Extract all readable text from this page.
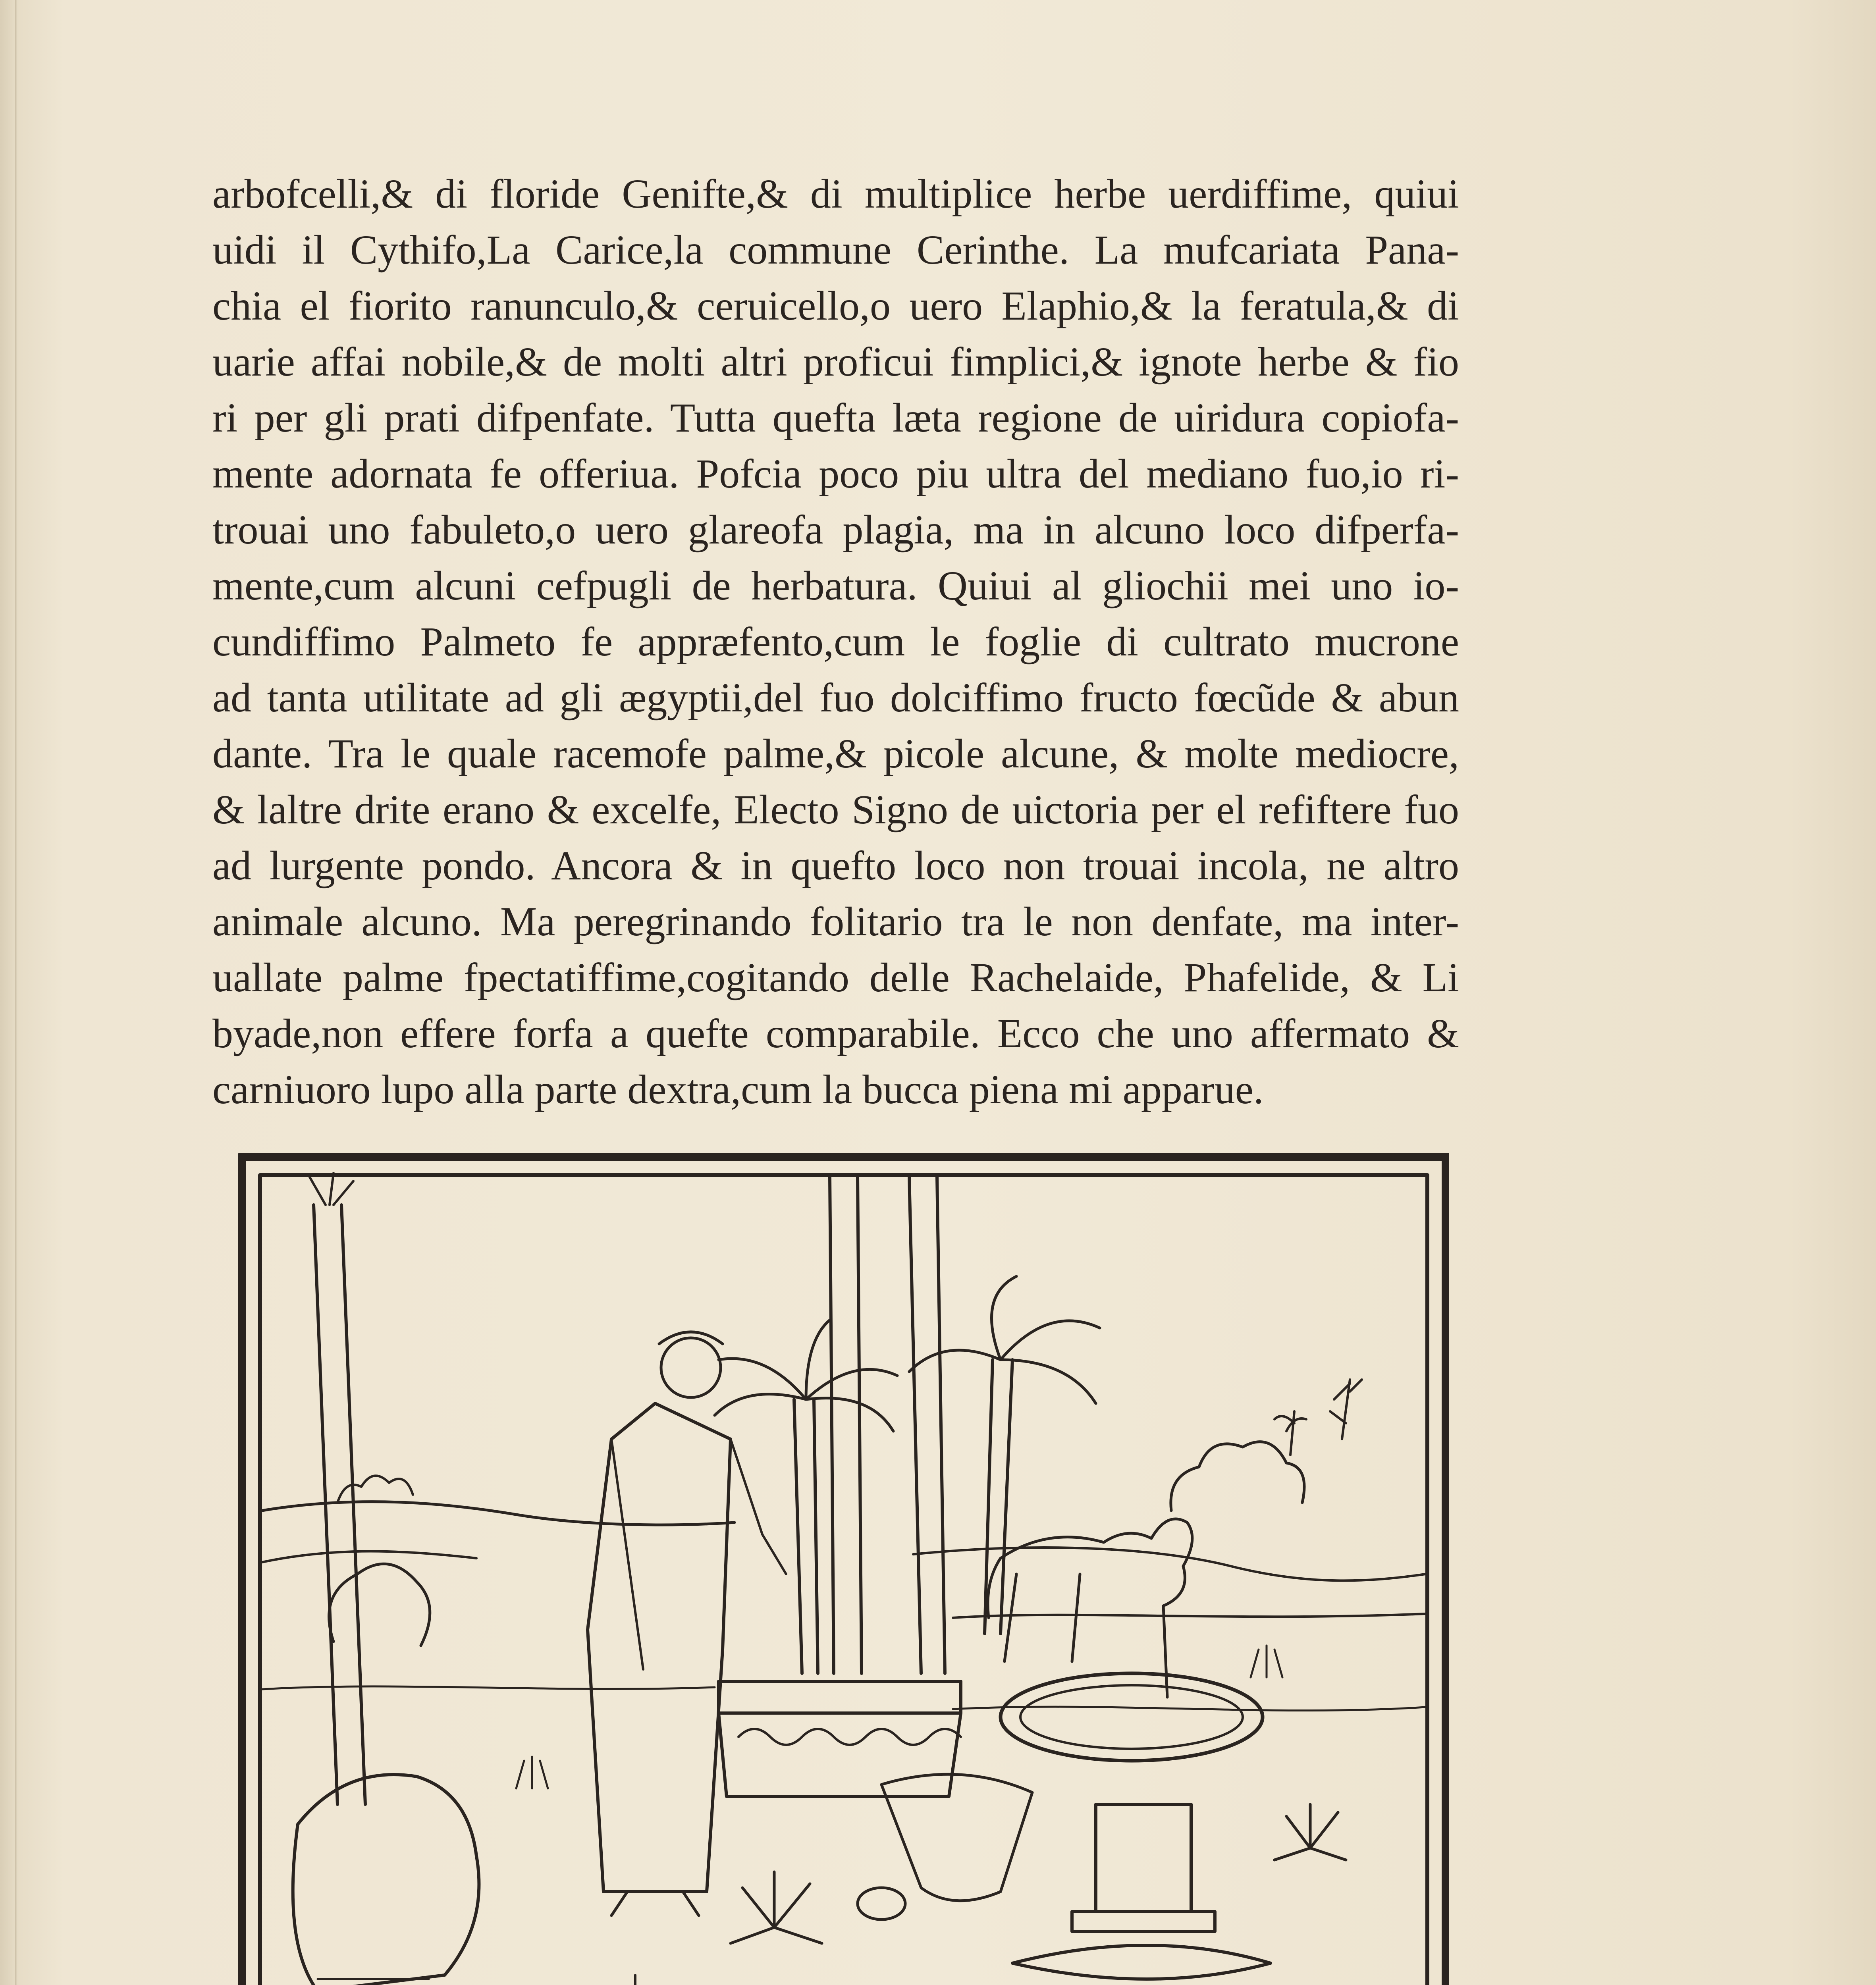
arbofcelli,& di floride Genifte,& di multiplice herbe uerdiffime, quiui
uidi il Cythifo,La Carice,la commune Cerinthe. La mufcariata Pana-
chia el fiorito ranunculo,& ceruicello,o uero Elaphio,& la feratula,& di
uarie affai nobile,& de molti altri proficui fimplici,& ignote herbe & fio
ri per gli prati difpenfate. Tutta quefta læta regione de uiridura copiofa-
mente adornata fe offeriua. Pofcia poco piu ultra del mediano fuo,io ri-
trouai uno fabuleto,o uero glareofa plagia, ma in alcuno loco difperfa-
mente,cum alcuni cefpugli de herbatura. Quiui al gliochii mei uno io-
cundiffimo Palmeto fe appræfento,cum le foglie di cultrato mucrone
ad tanta utilitate ad gli ægyptii,del fuo dolciffimo fructo fœcũde & abun
dante. Tra le quale racemofe palme,& picole alcune, & molte mediocre,
& laltre drite erano & excelfe, Electo Signo de uictoria per el refiftere fuo
ad lurgente pondo. Ancora & in quefto loco non trouai incola, ne altro
animale alcuno. Ma peregrinando folitario tra le non denfate, ma inter-
uallate palme fpectatiffime,cogitando delle Rachelaide, Phafelide, & Li
byade,non effere forfa a quefte comparabile. Ecco che uno affermato &
carniuoro lupo alla parte dextra,cum la bucca piena mi apparue.
